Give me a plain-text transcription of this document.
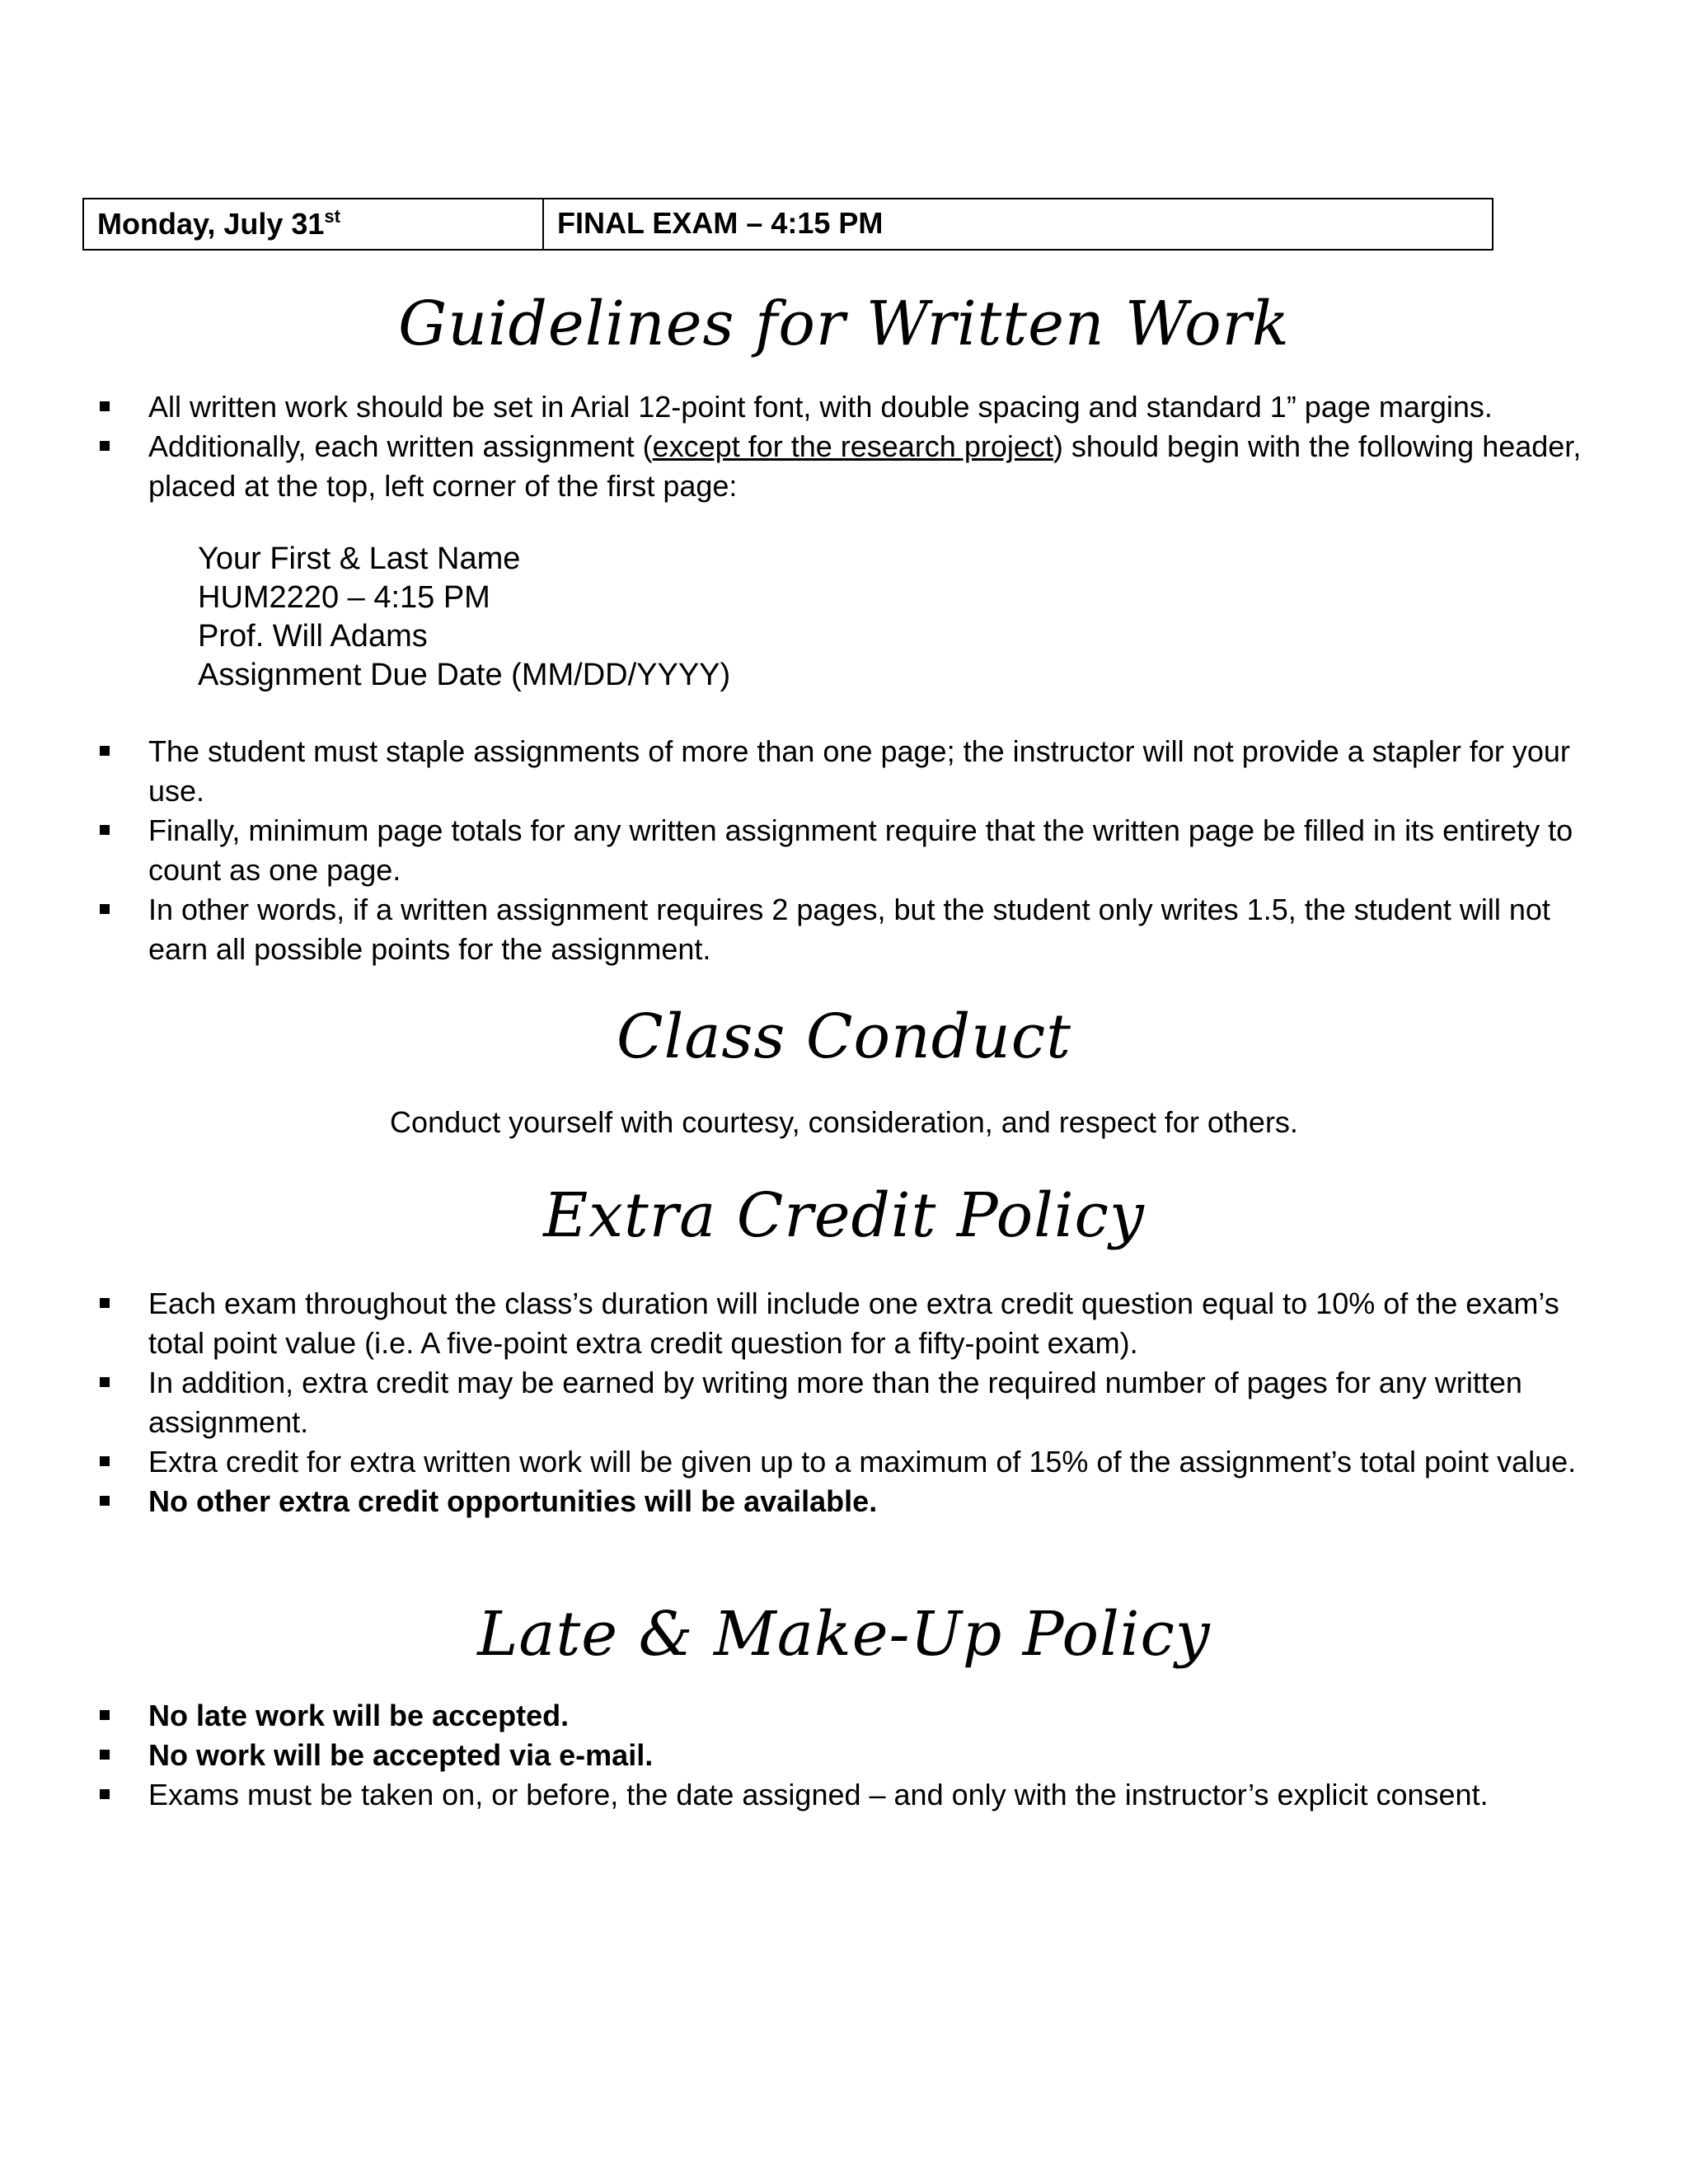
Monday, July 31st	FINAL EXAM – 4:15 PM
Guidelines for Written Work
All written work should be set in Arial 12-point font, with double spacing and standard 1” page margins.
Additionally, each written assignment (except for the research project) should begin with the following header, placed at the top, left corner of the first page:
Your First & Last Name
HUM2220 – 4:15 PM
Prof. Will Adams
Assignment Due Date (MM/DD/YYYY)
The student must staple assignments of more than one page; the instructor will not provide a stapler for your use.
Finally, minimum page totals for any written assignment require that the written page be filled in its entirety to count as one page.
In other words, if a written assignment requires 2 pages, but the student only writes 1.5, the student will not earn all possible points for the assignment.
Class Conduct
Conduct yourself with courtesy, consideration, and respect for others.
Extra Credit Policy
Each exam throughout the class’s duration will include one extra credit question equal to 10% of the exam’s total point value (i.e. A five-point extra credit question for a fifty-point exam).
In addition, extra credit may be earned by writing more than the required number of pages for any written assignment.
Extra credit for extra written work will be given up to a maximum of 15% of the assignment’s total point value.
No other extra credit opportunities will be available.
Late & Make-Up Policy
No late work will be accepted.
No work will be accepted via e-mail.
Exams must be taken on, or before, the date assigned – and only with the instructor’s explicit consent.
